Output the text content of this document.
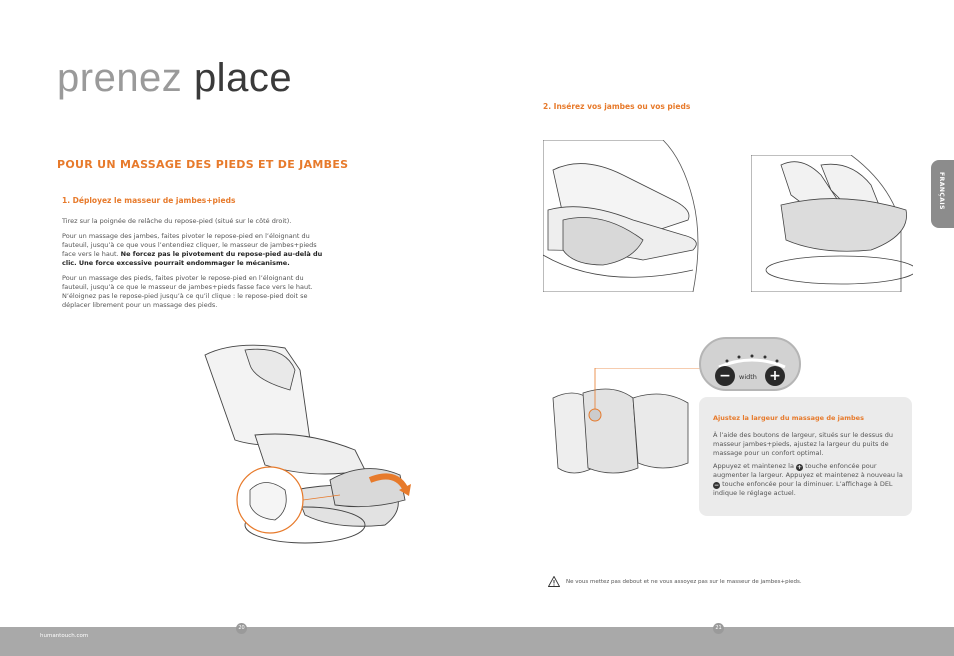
prenez place
POUR UN MASSAGE DES PIEDS ET DE JAMBES
1. Déployez le masseur de jambes+pieds

Tirez sur la poignée de relâche du repose-pied (situé sur le côté droit).

Pour un massage des jambes, faites pivoter le repose-pied en l’éloignant du fauteuil, jusqu’à ce que vous l’entendiez cliquer, le masseur de jambes+pieds face vers le haut. Ne forcez pas le pivotement du repose-pied au-delà du clic. Une force excessive pourrait endommager le mécanisme.

Pour un massage des pieds, faites pivoter le repose-pied en l’éloignant du fauteuil, jusqu’à ce que le masseur de jambes+pieds fasse face vers le haut. N’éloignez pas le repose-pied jusqu’à ce qu’il clique : le repose-pied doit se déplacer librement pour un massage des pieds.

2. Insérez vos jambes ou vos pieds
FRANÇAIS
−	width +
Ajustez la largeur du massage de jambes

À l’aide des boutons de largeur, situés sur le dessus du masseur jambes+pieds, ajustez la largeur du puits de massage pour un confort optimal.

Appuyez et maintenez la + touche enfoncée pour augmenter la largeur. Appuyez et maintenez à nouveau la − touche enfoncée pour la diminuer. L’affichage à DEL indique le réglage actuel.

Ne vous mettez pas debout et ne vous assoyez pas sur le masseur de jambes+pieds.
humantouch.com
20	21
